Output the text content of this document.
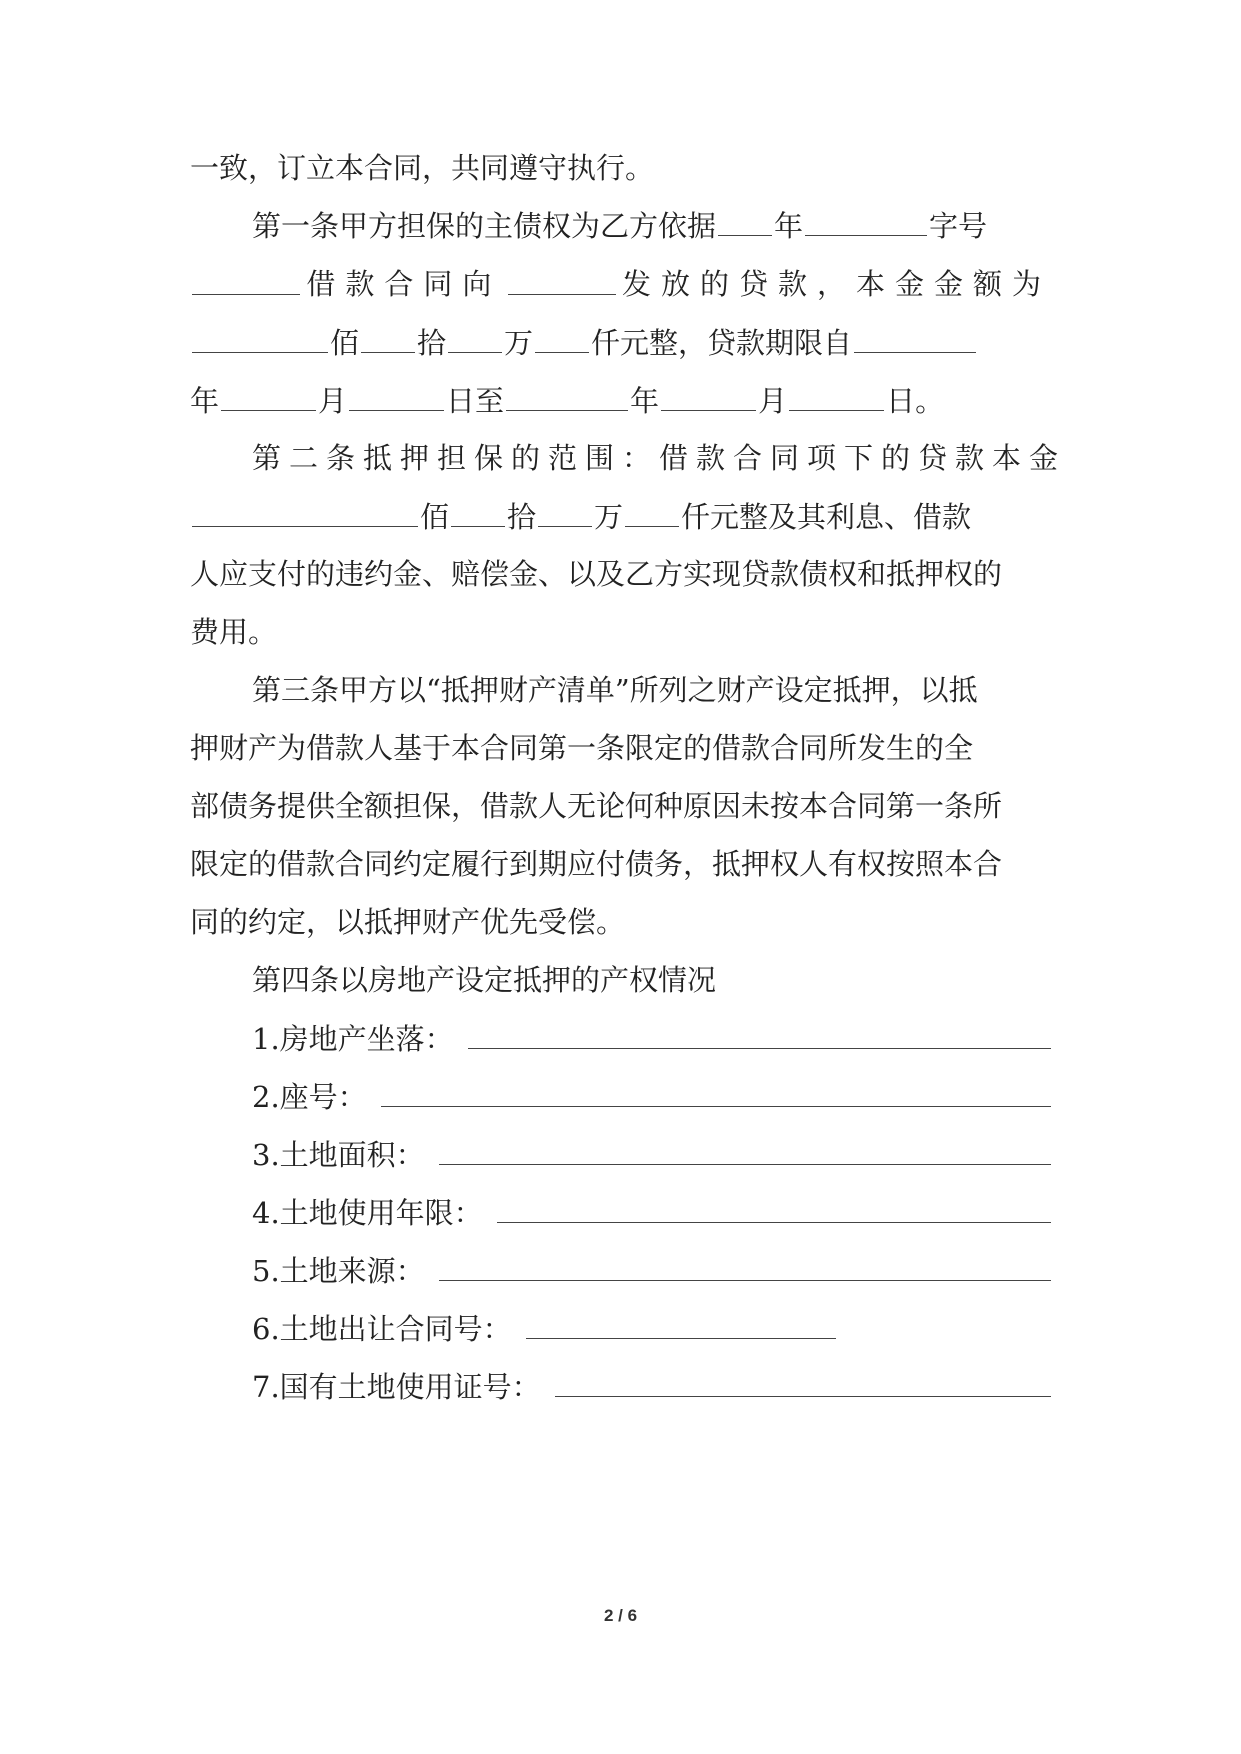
一致，订立本合同，共同遵守执行。
第一条甲方担保的主债权为乙方依据 年	字号
借款合同向	发放的贷款，本金金额为
佰 拾 万 仟元整，贷款期限自
年	月	日至	年	月	日。
第二条抵押担保的范围：借款合同项下的贷款本金
佰 拾 万 仟元整及其利息、借款
人应支付的违约金、赔偿金、以及乙方实现贷款债权和抵押权的
费用。
第三条甲方以“抵押财产清单”所列之财产设定抵押，以抵
押财产为借款人基于本合同第一条限定的借款合同所发生的全
部债务提供全额担保，借款人无论何种原因未按本合同第一条所
限定的借款合同约定履行到期应付债务，抵押权人有权按照本合
同的约定，以抵押财产优先受偿。
第四条以房地产设定抵押的产权情况
1.房地产坐落：
2.座号：
3.土地面积：
4.土地使用年限：
5.土地来源：
6.土地出让合同号：
7.国有土地使用证号：
2 / 6
